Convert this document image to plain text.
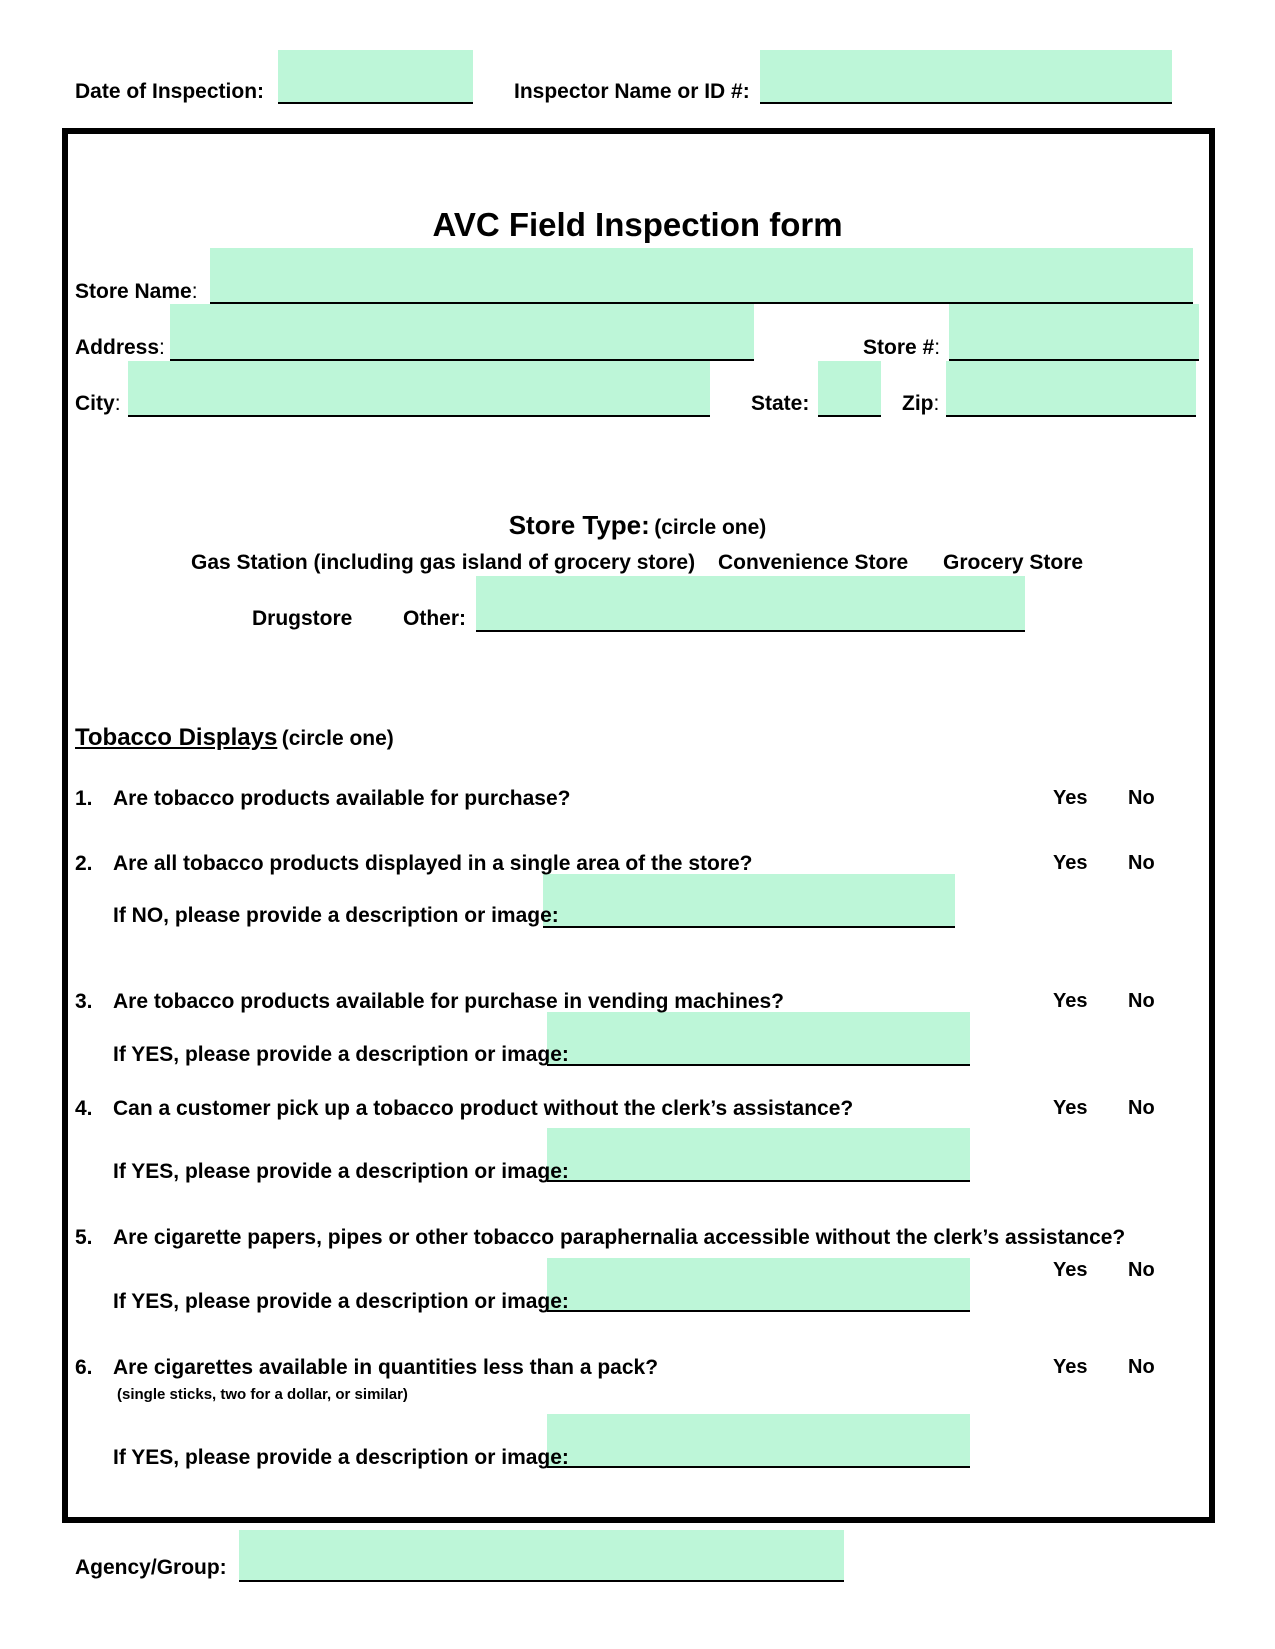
Date of Inspection:	Inspector Name or ID #:
AVC Field Inspection form
Store Name:
Address:	Store #:
City:	State:	Zip:
Store Type: (circle one)
Gas Station (including gas island of grocery store) Convenience Store Grocery Store
Drugstore Other:
Tobacco Displays (circle one)
1. Are tobacco products available for purchase?	Yes No
2. Are all tobacco products displayed in a single area of the store?	Yes No
If NO, please provide a description or image:
3. Are tobacco products available for purchase in vending machines?	Yes No
If YES, please provide a description or image:
4. Can a customer pick up a tobacco product without the clerk’s assistance?	Yes No
If YES, please provide a description or image:
5. Are cigarette papers, pipes or other tobacco paraphernalia accessible without the clerk’s assistance?
Yes No
If YES, please provide a description or image:
6. Are cigarettes available in quantities less than a pack?	Yes No
(single sticks, two for a dollar, or similar)
If YES, please provide a description or image:
Agency/Group:
